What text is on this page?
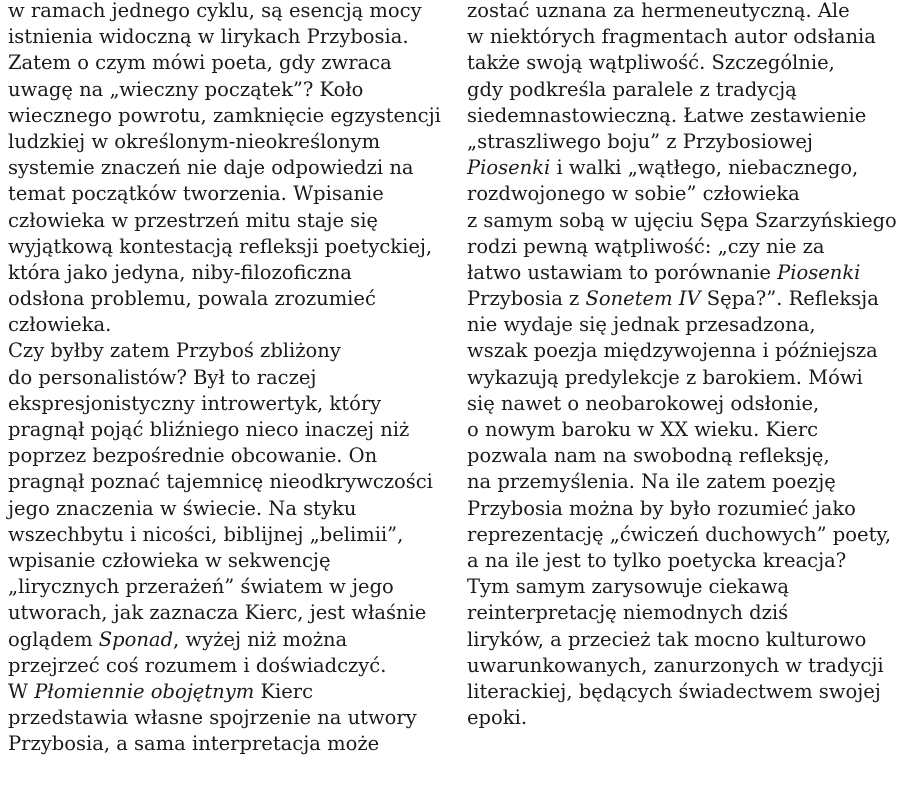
w ramach jednego cyklu, są esencją mocy
istnienia widoczną w lirykach Przybosia.
Zatem o czym mówi poeta, gdy zwraca
uwagę na „wieczny początek”? Koło
wiecznego powrotu, zamknięcie egzystencji
ludzkiej w określonym-nieokreślonym
systemie znaczeń nie daje odpowiedzi na
temat początków tworzenia. Wpisanie
człowieka w przestrzeń mitu staje się
wyjątkową kontestacją refleksji poetyckiej,
która jako jedyna, niby-filozoficzna
odsłona problemu, powala zrozumieć
człowieka.
Czy byłby zatem Przyboś zbliżony
do personalistów? Był to raczej
ekspresjonistyczny introwertyk, który
pragnął pojąć bliźniego nieco inaczej niż
poprzez bezpośrednie obcowanie. On
pragnął poznać tajemnicę nieodkrywczości
jego znaczenia w świecie. Na styku
wszechbytu i nicości, biblijnej „belimii”,
wpisanie człowieka w sekwencję
„lirycznych przerażeń” światem w jego
utworach, jak zaznacza Kierc, jest właśnie
oglądem Sponad, wyżej niż można
przejrzeć coś rozumem i doświadczyć.
W Płomiennie obojętnym Kierc
przedstawia własne spojrzenie na utwory
Przybosia, a sama interpretacja może
zostać uznana za hermeneutyczną. Ale
w niektórych fragmentach autor odsłania
także swoją wątpliwość. Szczególnie,
gdy podkreśla paralele z tradycją
siedemnastowieczną. Łatwe zestawienie
„straszliwego boju” z Przybosiowej
Piosenki i walki „wątłego, niebacznego,
rozdwojonego w sobie” człowieka
z samym sobą w ujęciu Sępa Szarzyńskiego
rodzi pewną wątpliwość: „czy nie za
łatwo ustawiam to porównanie Piosenki
Przybosia z Sonetem IV Sępa?”. Refleksja
nie wydaje się jednak przesadzona,
wszak poezja międzywojenna i późniejsza
wykazują predylekcje z barokiem. Mówi
się nawet o neobarokowej odsłonie,
o nowym baroku w XX wieku. Kierc
pozwala nam na swobodną refleksję,
na przemyślenia. Na ile zatem poezję
Przybosia można by było rozumieć jako
reprezentację „ćwiczeń duchowych” poety,
a na ile jest to tylko poetycka kreacja?
Tym samym zarysowuje ciekawą
reinterpretację niemodnych dziś
liryków, a przecież tak mocno kulturowo
uwarunkowanych, zanurzonych w tradycji
literackiej, będących świadectwem swojej
epoki.
